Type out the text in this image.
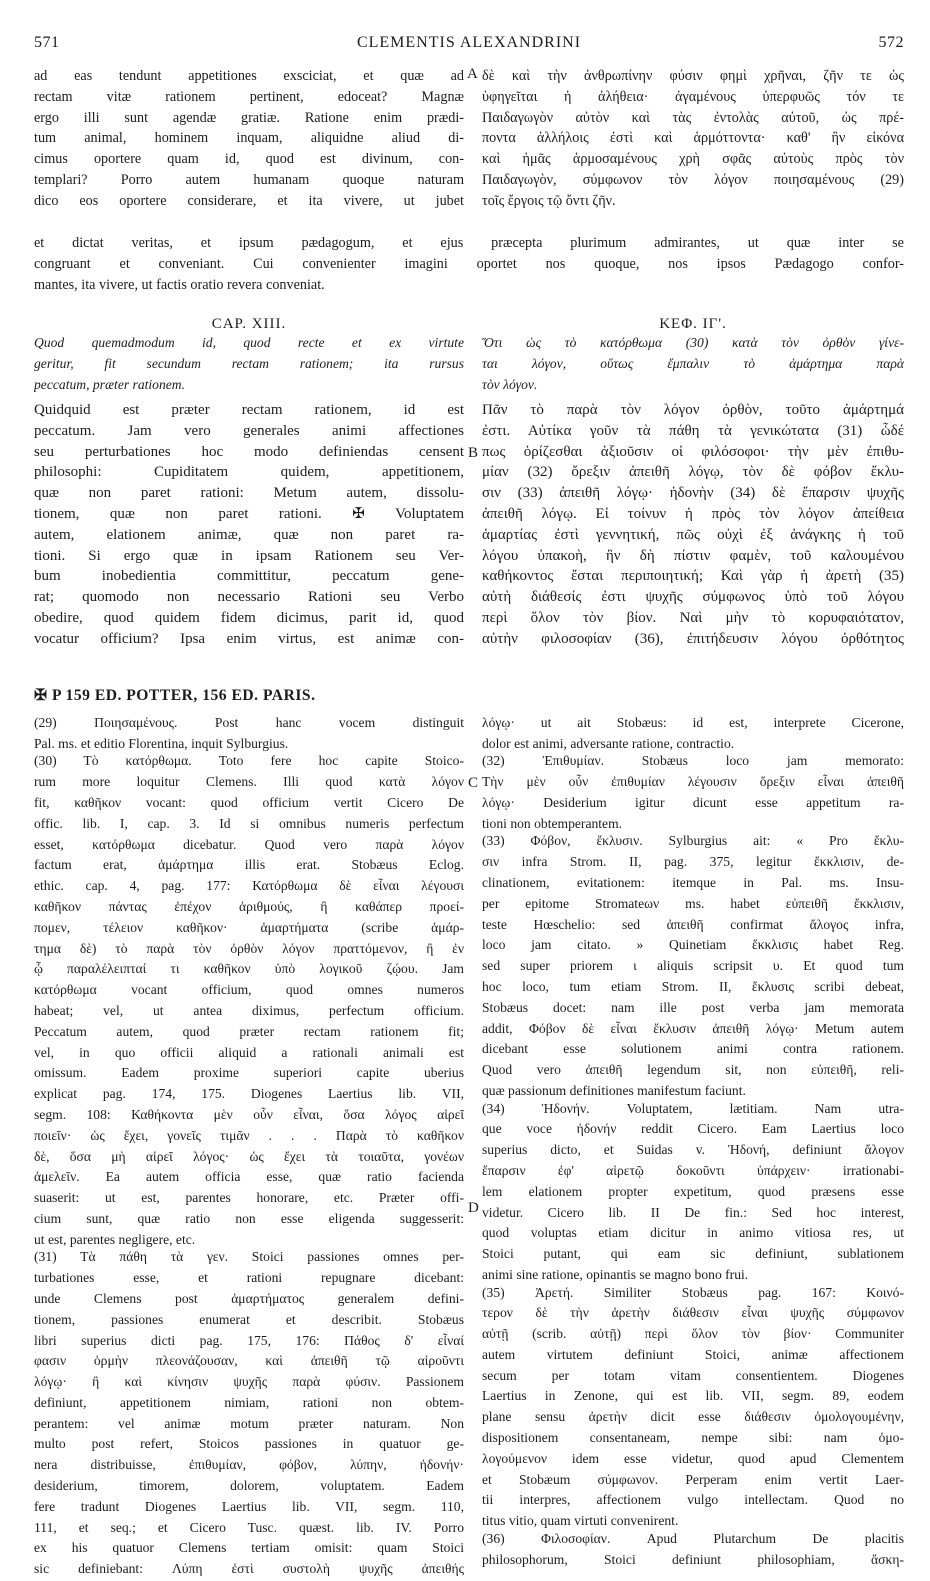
571	CLEMENTIS ALEXANDRINI	572
A
B
C
D
ad eas tendunt appetitiones exsciciat, et quæ ad
rectam vitæ rationem pertinent, edoceat? Magnæ
ergo illi sunt agendæ gratiæ. Ratione enim prædi-
tum animal, hominem inquam, aliquidne aliud di-
cimus oportere quam id, quod est divinum, con-
templari? Porro autem humanam quoque naturam
dico eos oportere considerare, et ita vivere, ut jubet
δὲ καὶ τὴν ἀνθρωπίνην φύσιν φημὶ χρῆναι, ζῆν τε ὡς
ὑφηγεῖται ἡ ἀλήθεια· ἀγαμένους ὑπερφυῶς τόν τε
Παιδαγωγὸν αὐτὸν καὶ τὰς ἐντολὰς αὐτοῦ, ὡς πρέ-
ποντα ἀλλήλοις ἐστὶ καὶ ἁρμόττοντα· καθ' ἣν εἰκόνα
καὶ ἡμᾶς ἁρμοσαμένους χρὴ σφᾶς αὐτοὺς πρὸς τὸν
Παιδαγωγὸν, σύμφωνον τὸν λόγον ποιησαμένους (29)
τοῖς ἔργοις τῷ ὄντι ζῆν.
et dictat veritas, et ipsum pædagogum, et ejus præcepta plurimum admirantes, ut quæ inter se
congruant et conveniant. Cui convenienter imagini oportet nos quoque, nos ipsos Pædagogo confor-
mantes, ita vivere, ut factis oratio revera conveniat.
CAP. XIII.
Quod quemadmodum id, quod recte et ex virtute
geritur, fit secundum rectam rationem; ita rursus
peccatum, præter rationem.
ΚΕΦ. ΙΓ'.
Ὅτι ὡς τὸ κατόρθωμα (30) κατὰ τὸν ὀρθὸν γίνε-
ται λόγον, οὕτως ἔμπαλιν τὸ ἁμάρτημα παρὰ
τὸν λόγον.
Quidquid est præter rectam rationem, id est
peccatum. Jam vero generales animi affectiones
seu perturbationes hoc modo definiendas censent
philosophi: Cupiditatem quidem, appetitionem,
quæ non paret rationi: Metum autem, dissolu-
tionem, quæ non paret rationi. ✠ Voluptatem
autem, elationem animæ, quæ non paret ra-
tioni. Si ergo quæ in ipsam Rationem seu Ver-
bum inobedientia committitur, peccatum gene-
rat; quomodo non necessario Rationi seu Verbo
obedire, quod quidem fidem dicimus, parit id, quod
vocatur officium? Ipsa enim virtus, est animæ con-
Πᾶν τὸ παρὰ τὸν λόγον ὀρθὸν, τοῦτο ἁμάρτημά
ἐστι. Αὐτίκα γοῦν τὰ πάθη τὰ γενικώτατα (31) ὧδέ
πως ὁρίζεσθαι ἀξιοῦσιν οἱ φιλόσοφοι· τὴν μὲν ἐπιθυ-
μίαν (32) ὄρεξιν ἀπειθῆ λόγῳ, τὸν δὲ φόβον ἔκλυ-
σιν (33) ἀπειθῆ λόγῳ· ἡδονὴν (34) δὲ ἔπαρσιν ψυχῆς
ἀπειθῆ λόγῳ. Εἰ τοίνυν ἡ πρὸς τὸν λόγον ἀπείθεια
ἁμαρτίας ἐστὶ γεννητική, πῶς οὐχὶ ἐξ ἀνάγκης ἡ τοῦ
λόγου ὑπακοὴ, ἣν δὴ πίστιν φαμὲν, τοῦ καλουμένου
καθήκοντος ἔσται περιποιητική; Καὶ γὰρ ἡ ἀρετὴ (35)
αὐτὴ διάθεσίς ἐστι ψυχῆς σύμφωνος ὑπὸ τοῦ λόγου
περὶ ὅλον τὸν βίον. Ναὶ μὴν τὸ κορυφαιότατον,
αὐτὴν φιλοσοφίαν (36), ἐπιτήδευσιν λόγου ὀρθότητος
✠ P 159 ED. POTTER, 156 ED. PARIS.
(29) Ποιησαμένους. Post hanc vocem distinguit
Pal. ms. et editio Florentina, inquit Sylburgius.
(30) Τὸ κατόρθωμα. Toto fere hoc capite Stoico-
rum more loquitur Clemens. Illi quod κατὰ λόγον
fit, καθῆκον vocant: quod officium vertit Cicero De
offic. lib. I, cap. 3. Id si omnibus numeris perfectum
esset, κατόρθωμα dicebatur. Quod vero παρὰ λόγον
factum erat, ἁμάρτημα illis erat. Stobæus Eclog.
ethic. cap. 4, pag. 177: Κατόρθωμα δὲ εἶναι λέγουσι
καθῆκον πάντας ἐπέχον ἀριθμούς, ἢ καθάπερ προεί-
πομεν, τέλειον καθῆκον· ἁμαρτήματα (scribe ἁμάρ-
τημα δὲ) τὸ παρὰ τὸν ὀρθὸν λόγον πραττόμενον, ἢ ἐν
ᾧ παραλέλειπταί τι καθῆκον ὑπὸ λογικοῦ ζῴου. Jam
κατόρθωμα vocant officium, quod omnes numeros
habeat; vel, ut antea diximus, perfectum officium.
Peccatum autem, quod præter rectam rationem fit;
vel, in quo officii aliquid a rationali animali est
omissum. Eadem proxime superiori capite uberius
explicat pag. 174, 175. Diogenes Laertius lib. VII,
segm. 108: Καθήκοντα μὲν οὖν εἶναι, ὅσα λόγος αἱρεῖ
ποιεῖν· ὡς ἔχει, γονεῖς τιμᾶν . . . Παρὰ τὸ καθῆκον
δὲ, ὅσα μὴ αἱρεῖ λόγος· ὡς ἔχει τὰ τοιαῦτα, γονέων
ἀμελεῖν. Ea autem officia esse, quæ ratio facienda
suaserit: ut est, parentes honorare, etc. Præter offi-
cium sunt, quæ ratio non esse eligenda suggesserit:
ut est, parentes negligere, etc.
(31) Τὰ πάθη τὰ γεν. Stoici passiones omnes per-
turbationes esse, et rationi repugnare dicebant:
unde Clemens post ἁμαρτήματος generalem defini-
tionem, passiones enumerat et describit. Stobæus
libri superius dicti pag. 175, 176: Πάθος δ' εἶναί
φασιν ὁρμὴν πλεονάζουσαν, καὶ ἀπειθῆ τῷ αἱροῦντι
λόγῳ· ἢ καὶ κίνησιν ψυχῆς παρὰ φύσιν. Passionem
definiunt, appetitionem nimiam, rationi non obtem-
perantem: vel animæ motum præter naturam. Non
multo post refert, Stoicos passiones in quatuor ge-
nera distribuisse, ἐπιθυμίαν, φόβον, λύπην, ἡδονήν·
desiderium, timorem, dolorem, voluptatem. Eadem
fere tradunt Diogenes Laertius lib. VII, segm. 110,
111, et seq.; et Cicero Tusc. quæst. lib. IV. Porro
ex his quatuor Clemens tertiam omisit: quam Stoici
sic definiebant: Λύπη ἐστὶ συστολὴ ψυχῆς ἀπειθής
λόγῳ· ut ait Stobæus: id est, interprete Cicerone,
dolor est animi, adversante ratione, contractio.
(32) Ἐπιθυμίαν. Stobæus loco jam memorato:
Τὴν μὲν οὖν ἐπιθυμίαν λέγουσιν ὄρεξιν εἶναι ἀπειθῆ
λόγῳ· Desiderium igitur dicunt esse appetitum ra-
tioni non obtemperantem.
(33) Φόβον, ἔκλυσιν. Sylburgius ait: « Pro ἔκλυ-
σιν infra Strom. II, pag. 375, legitur ἔκκλισιν, de-
clinationem, evitationem: itemque in Pal. ms. Insu-
per epitome Stromateων ms. habet εὐπειθῆ ἔκκλισιν,
teste Hœschelio: sed ἀπειθῆ confirmat ἄλογος infra,
loco jam citato. » Quinetiam ἔκκλισις habet Reg.
sed super priorem ι aliquis scripsit υ. Et quod tum
hoc loco, tum etiam Strom. II, ἔκλυσις scribi debeat,
Stobæus docet: nam ille post verba jam memorata
addit, Φόβον δὲ εἶναι ἔκλυσιν ἀπειθῆ λόγῳ· Metum autem
dicebant esse solutionem animi contra rationem.
Quod vero ἀπειθῆ legendum sit, non εὐπειθῆ, reli-
quæ passionum definitiones manifestum faciunt.
(34) Ἡδονήν. Voluptatem, lætitiam. Nam utra-
que voce ἡδονήν reddit Cicero. Eam Laertius loco
superius dicto, et Suidas v. Ἡδονή, definiunt ἄλογον
ἔπαρσιν ἐφ' αἱρετῷ δοκοῦντι ὑπάρχειν· irrationabi-
lem elationem propter expetitum, quod præsens esse
videtur. Cicero lib. II De fin.: Sed hoc interest,
quod voluptas etiam dicitur in animo vitiosa res, ut
Stoici putant, qui eam sic definiunt, sublationem
animi sine ratione, opinantis se magno bono frui.
(35) Ἀρετή. Similiter Stobæus pag. 167: Κοινό-
τερον δὲ τὴν ἀρετὴν διάθεσιν εἶναι ψυχῆς σύμφωνον
αὐτῇ (scrib. αὐτῇ) περὶ ὅλον τὸν βίον· Communiter
autem virtutem definiunt Stoici, animæ affectionem
secum per totam vitam consentientem. Diogenes
Laertius in Zenone, qui est lib. VII, segm. 89, eodem
plane sensu ἀρετὴν dicit esse διάθεσιν ὁμολογουμένην,
dispositionem consentaneam, nempe sibi: nam ὁμο-
λογούμενον idem esse videtur, quod apud Clementem
et Stobæum σύμφωνον. Perperam enim vertit Laer-
tii interpres, affectionem vulgo intellectam. Quod no
titus vitio, quam virtuti convenirent.
(36) Φιλοσοφίαν. Apud Plutarchum De placitis
philosophorum, Stoici definiunt philosophiam, ἄσκη-
